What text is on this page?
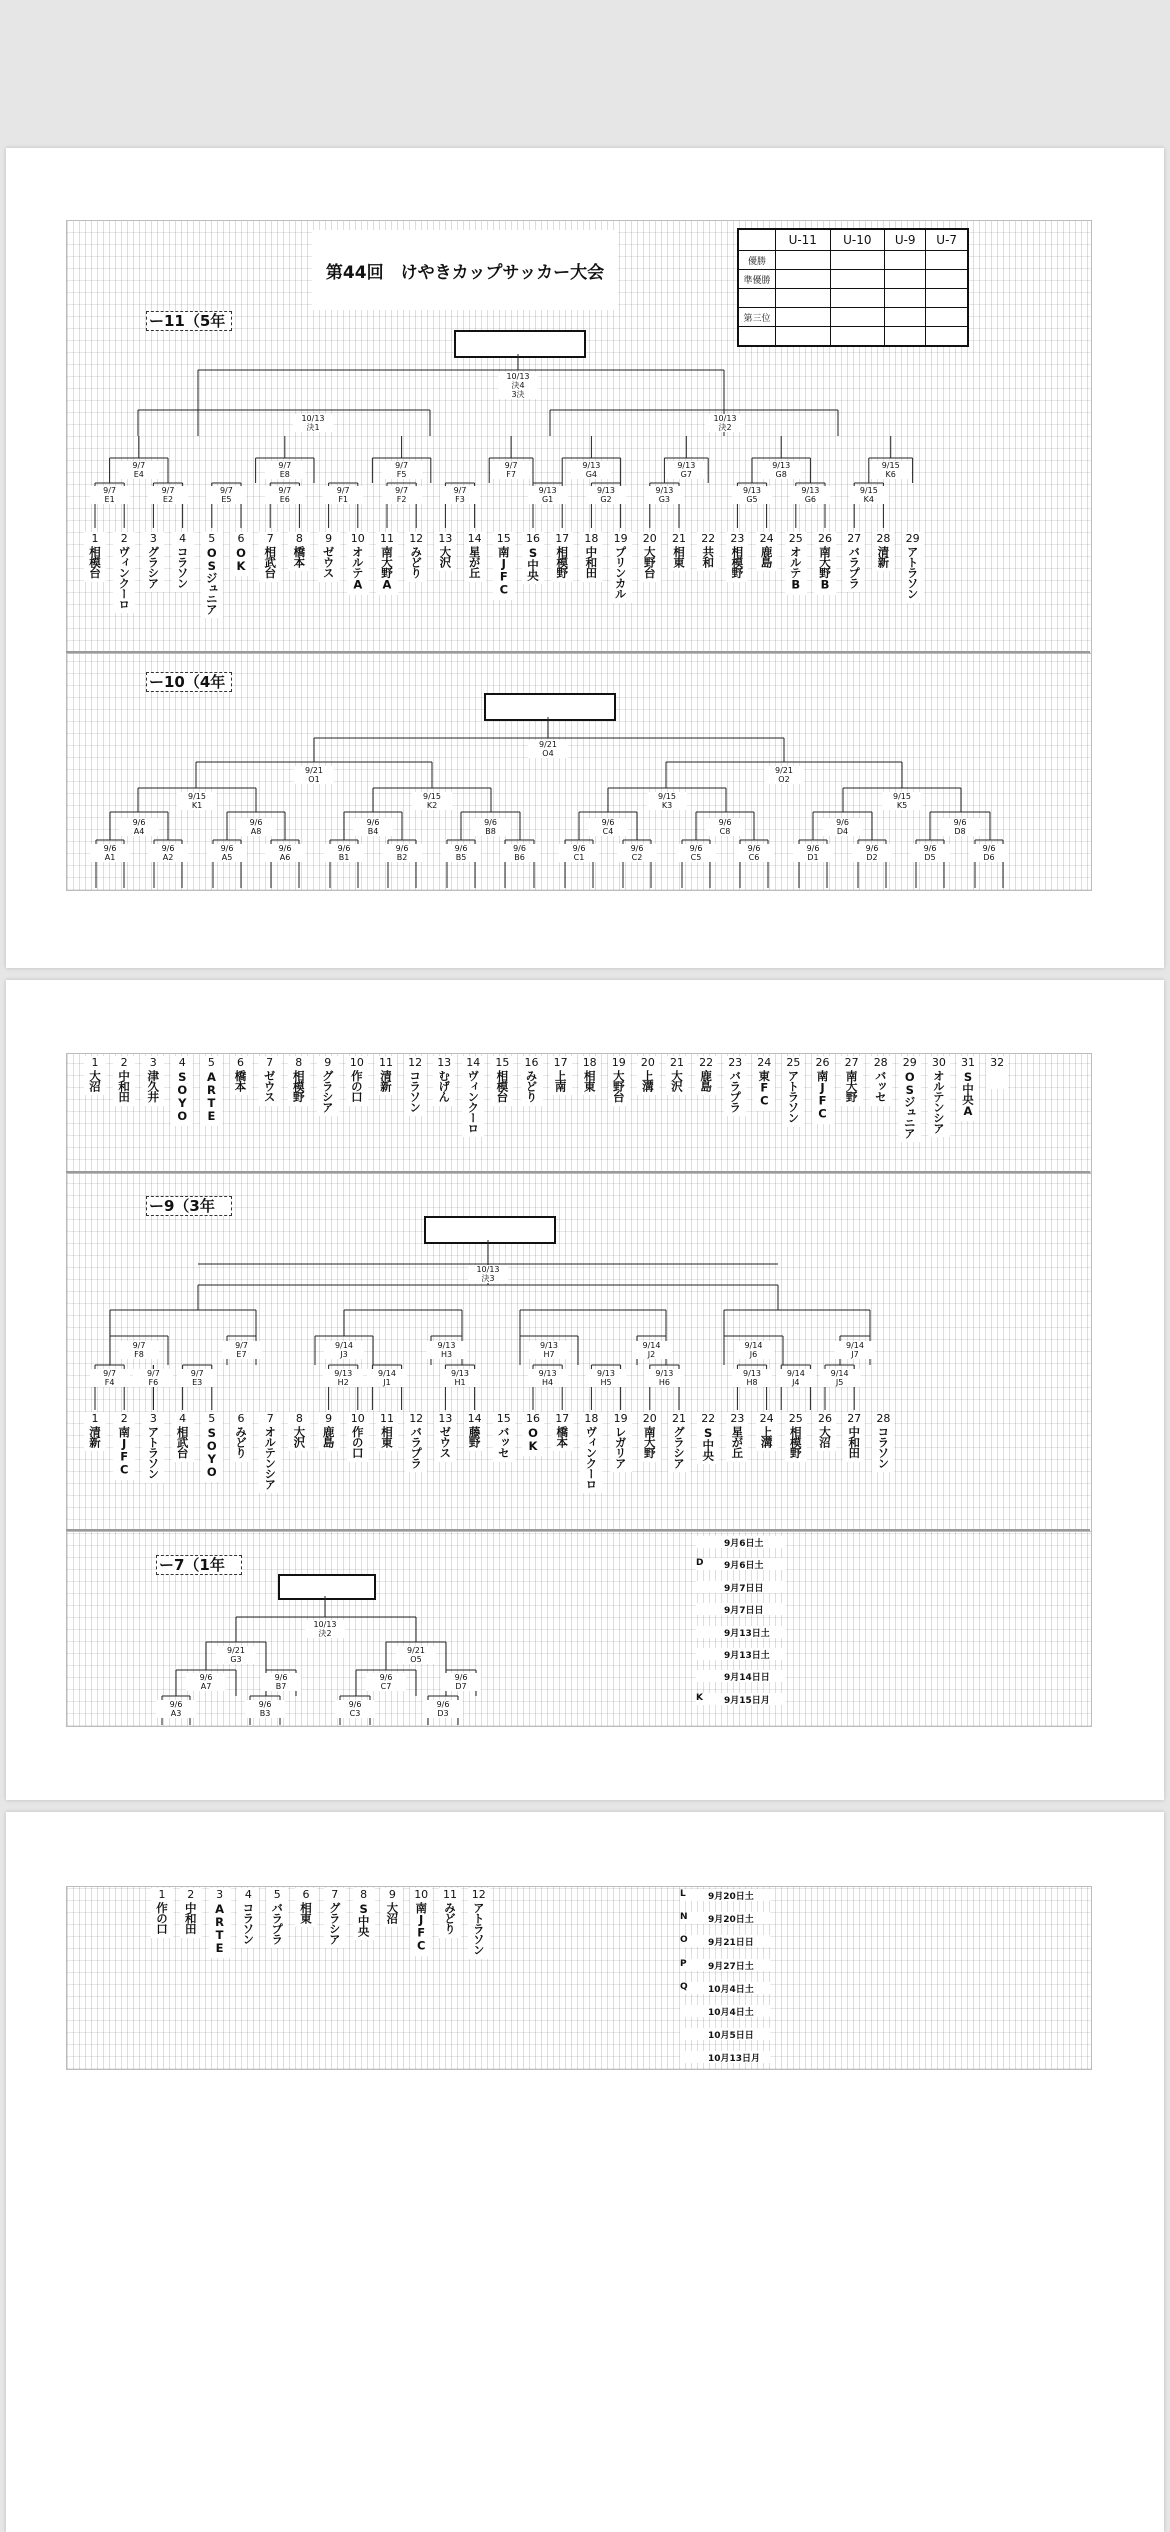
第44回　けやきカップサッカー大会
	U-11	U-10	U-9	U-7
優勝				
準優勝				

第三位				

ー11（5年
10/13
決4
3決
10/13
決1
10/13
決2
9/7
E4
9/7
E8
9/7
F5
9/7
F7
9/13
G4
9/13
G7
9/13
G8
9/15
K6
9/7
E1
9/7
E2
9/7
E5
9/7
E6
9/7
F1
9/7
F2
9/7
F3
9/13
G1
9/13
G2
9/13
G3
9/13
G5
9/13
G6
9/15
K4
1
相模台
2
ヴィンクーロ
3
グラシア
4
コラソン
5
OSジュニア
6
OK
7
相武台
8
橋本
9
ゼウス
10
オルテA
11
南大野A
12
みどり
13
大沢
14
星が丘
15
南JFC
16
S中央
17
相模野
18
中和田
19
プリンカル
20
大野台
21
相東
22
共和
23
相模野
24
鹿島
25
オルテB
26
南大野B
27
バラプラ
28
清新
29
アトラソン
ー10（4年
9/21
O4
9/21
O1
9/21
O2
9/15
K1
9/15
K2
9/15
K3
9/15
K5
9/6
A4
9/6
A8
9/6
B4
9/6
B8
9/6
C4
9/6
C8
9/6
D4
9/6
D8
9/6
A1
9/6
A2
9/6
A5
9/6
A6
9/6
B1
9/6
B2
9/6
B5
9/6
B6
9/6
C1
9/6
C2
9/6
C5
9/6
C6
9/6
D1
9/6
D2
9/6
D5
9/6
D6
1
大沼
2
中和田
3
津久井
4
SOYO
5
ARTE
6
橋本
7
ゼウス
8
相模野
9
グラシア
10
作の口
11
清新
12
コラソン
13
むげん
14
ヴィンクーロ
15
相模台
16
みどり
17
上南
18
相東
19
大野台
20
上溝
21
大沢
22
鹿島
23
バラプラ
24
東FC
25
アトラソン
26
南JFC
27
南大野
28
バッセ
29
OSジュニア
30
オルテンシア
31
S中央A
32
ー9（3年
10/13
決3
9/7
F8
9/7
E7
9/14
J3
9/13
H3
9/13
H7
9/14
J2
9/14
J6
9/14
J7
9/7
F4
9/7
F6
9/7
E3
9/13
H2
9/14
J1
9/13
H1
9/13
H4
9/13
H5
9/13
H6
9/13
H8
9/14
J4
9/14
J5
1
清新
2
南JFC
3
アトラソン
4
相武台
5
SOYO
6
みどり
7
オルテンシア
8
大沢
9
鹿島
10
作の口
11
相東
12
バラプラ
13
ゼウス
14
藤野
15
バッセ
16
OK
17
橋本
18
ヴィンクーロ
19
レガリア
20
南大野
21
グラシア
22
S中央
23
星が丘
24
上溝
25
相模野
26
大沼
27
中和田
28
コラソン
ー7（1年
10/13
決2
9/21
G3
9/21
O5
9/6
A7
9/6
B7
9/6
C7
9/6
D7
9/6
A3
9/6
B3
9/6
C3
9/6
D3
9月6日土
D 9月6日土
9月7日日
9月7日日
9月13日土
9月13日土
9月14日日
K 9月15日月
1
作の口
2
中和田
3
ARTE
4
コラソン
5
バラプラ
6
相東
7
グラシア
8
S中央
9
大沼
10
南JFC
11
みどり
12
アトラソン
L 9月20日土
N 9月20日土
O 9月21日日
P 9月27日土
Q 10月4日土
10月4日土
10月5日日
10月13日月
